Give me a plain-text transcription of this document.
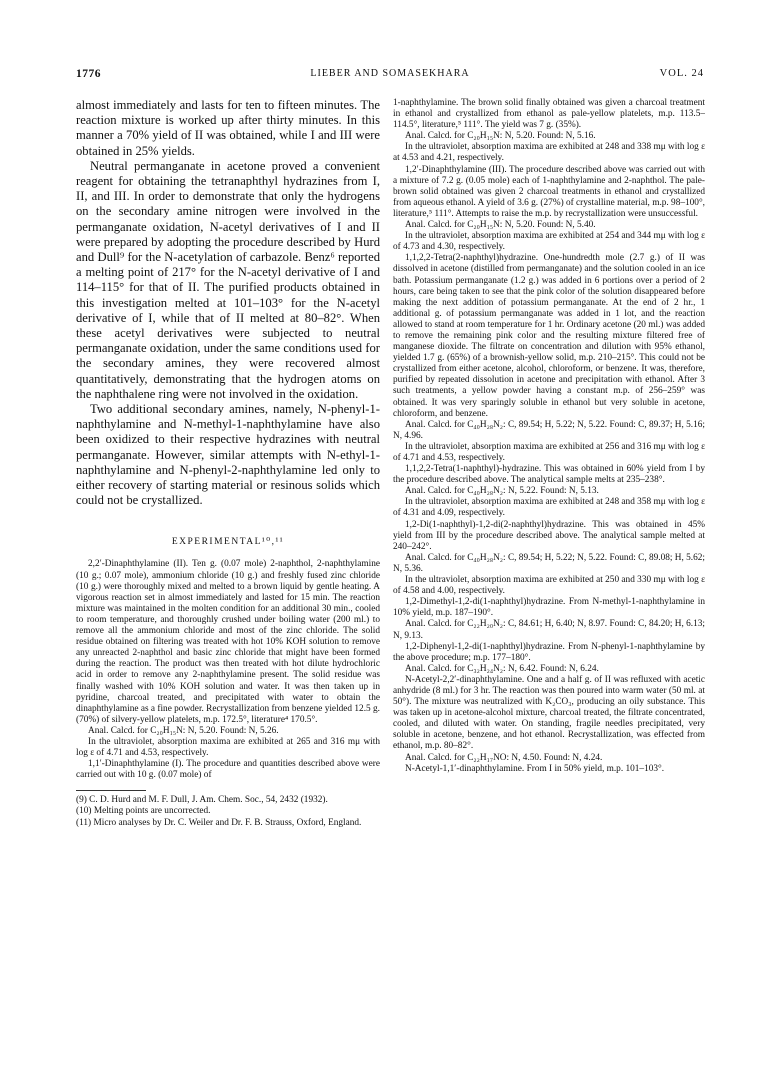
1776	LIEBER AND SOMASEKHARA	VOL. 24

almost immediately and lasts for ten to fifteen minutes. The reaction mixture is worked up after thirty minutes. In this manner a 70% yield of II was obtained, while I and III were obtained in 25% yields.

Neutral permanganate in acetone proved a convenient reagent for obtaining the tetranaphthyl hydrazines from I, II, and III. In order to demonstrate that only the hydrogens on the secondary amine nitrogen were involved in the permanganate oxidation, N-acetyl derivatives of I and II were prepared by adopting the procedure described by Hurd and Dull⁹ for the N-acetylation of carbazole. Benz⁶ reported a melting point of 217° for the N-acetyl derivative of I and 114–115° for that of II. The purified products obtained in this investigation melted at 101–103° for the N-acetyl derivative of I, while that of II melted at 80–82°. When these acetyl derivatives were subjected to neutral permanganate oxidation, under the same conditions used for the secondary amines, they were recovered almost quantitatively, demonstrating that the hydrogen atoms on the naphthalene ring were not involved in the oxidation.

Two additional secondary amines, namely, N-phenyl-1-naphthylamine and N-methyl-1-naphthylamine have also been oxidized to their respective hydrazines with neutral permanganate. However, similar attempts with N-ethyl-1-naphthylamine and N-phenyl-2-naphthylamine led only to either recovery of starting material or resinous solids which could not be crystallized.

EXPERIMENTAL¹⁰,¹¹

2,2′-Dinaphthylamine (II). Ten g. (0.07 mole) 2-naphthol, 2-naphthylamine (10 g.; 0.07 mole), ammonium chloride (10 g.) and freshly fused zinc chloride (10 g.) were thoroughly mixed and melted to a brown liquid by gentle heating. A vigorous reaction set in almost immediately and lasted for 15 min. The reaction mixture was maintained in the molten condition for an additional 30 min., cooled to room temperature, and thoroughly crushed under boiling water (200 ml.) to remove all the ammonium chloride and most of the zinc chloride. The solid residue obtained on filtering was treated with hot 10% KOH solution to remove any unreacted 2-naphthol and basic zinc chloride that might have been formed during the reaction. The product was then treated with hot dilute hydrochloric acid in order to remove any 2-naphthylamine present. The solid residue was finally washed with 10% KOH solution and water. It was then taken up in pyridine, charcoal treated, and precipitated with water to obtain the dinaphthylamine as a fine powder. Recrystallization from benzene yielded 12.5 g. (70%) of silvery-yellow platelets, m.p. 172.5°, literature⁴ 170.5°.

Anal. Calcd. for C₂₀H₁₅N: N, 5.20. Found: N, 5.26.

In the ultraviolet, absorption maxima are exhibited at 265 and 316 mμ with log ε of 4.71 and 4.53, respectively.

1,1′-Dinaphthylamine (I). The procedure and quantities described above were carried out with 10 g. (0.07 mole) of

(9) C. D. Hurd and M. F. Dull, J. Am. Chem. Soc., 54, 2432 (1932).

(10) Melting points are uncorrected.

(11) Micro analyses by Dr. C. Weiler and Dr. F. B. Strauss, Oxford, England.

1-naphthylamine. The brown solid finally obtained was given a charcoal treatment in ethanol and crystallized from ethanol as pale-yellow platelets, m.p. 113.5–114.5°, literature,⁵ 111°. The yield was 7 g. (35%).

Anal. Calcd. for C₂₀H₁₅N: N, 5.20. Found: N, 5.16.

In the ultraviolet, absorption maxima are exhibited at 248 and 338 mμ with log ε at 4.53 and 4.21, respectively.

1,2′-Dinaphthylamine (III). The procedure described above was carried out with a mixture of 7.2 g. (0.05 mole) each of 1-naphthylamine and 2-naphthol. The pale-brown solid obtained was given 2 charcoal treatments in ethanol and crystallized from aqueous ethanol. A yield of 3.6 g. (27%) of crystalline material, m.p. 98–100°, literature,⁵ 111°. Attempts to raise the m.p. by recrystallization were unsuccessful.

Anal. Calcd. for C₂₀H₁₅N: N, 5.20. Found: N, 5.40.

In the ultraviolet, absorption maxima are exhibited at 254 and 344 mμ with log ε of 4.73 and 4.30, respectively.

1,1,2,2-Tetra(2-naphthyl)hydrazine. One-hundredth mole (2.7 g.) of II was dissolved in acetone (distilled from permanganate) and the solution cooled in an ice bath. Potassium permanganate (1.2 g.) was added in 6 portions over a period of 2 hours, care being taken to see that the pink color of the solution disappeared before making the next addition of potassium permanganate. At the end of 2 hr., 1 additional g. of potassium permanganate was added in 1 lot, and the reaction allowed to stand at room temperature for 1 hr. Ordinary acetone (20 ml.) was added to remove the remaining pink color and the resulting mixture filtered free of manganese dioxide. The filtrate on concentration and dilution with 95% ethanol, yielded 1.7 g. (65%) of a brownish-yellow solid, m.p. 210–215°. This could not be crystallized from either acetone, alcohol, chloroform, or benzene. It was, therefore, purified by repeated dissolution in acetone and precipitation with ethanol. After 3 such treatments, a yellow powder having a constant m.p. of 256–259° was obtained. It was very sparingly soluble in ethanol but very soluble in acetone, chloroform, and benzene.

Anal. Calcd. for C₄₀H₂₈N₂: C, 89.54; H, 5.22; N, 5.22. Found: C, 89.37; H, 5.16; N, 4.96.

In the ultraviolet, absorption maxima are exhibited at 256 and 316 mμ with log ε of 4.71 and 4.53, respectively.

1,1,2,2-Tetra(1-naphthyl)-hydrazine. This was obtained in 60% yield from I by the procedure described above. The analytical sample melts at 235–238°.

Anal. Calcd. for C₄₀H₂₈N₂: N, 5.22. Found: N, 5.13.

In the ultraviolet, absorption maxima are exhibited at 248 and 358 mμ with log ε of 4.31 and 4.09, respectively.

1,2-Di(1-naphthyl)-1,2-di(2-naphthyl)hydrazine. This was obtained in 45% yield from III by the procedure described above. The analytical sample melted at 240–242°.

Anal. Calcd. for C₄₀H₂₈N₂: C, 89.54; H, 5.22; N, 5.22. Found: C, 89.08; H, 5.62; N, 5.36.

In the ultraviolet, absorption maxima are exhibited at 250 and 330 mμ with log ε of 4.58 and 4.00, respectively.

1,2-Dimethyl-1,2-di(1-naphthyl)hydrazine. From N-methyl-1-naphthylamine in 10% yield, m.p. 187–190°.

Anal. Calcd. for C₂₂H₂₀N₂: C, 84.61; H, 6.40; N, 8.97. Found: C, 84.20; H, 6.13; N, 9.13.

1,2-Diphenyl-1,2-di(1-naphthyl)hydrazine. From N-phenyl-1-naphthylamine by the above procedure; m.p. 177–180°.

Anal. Calcd. for C₃₂H₂₄N₂: N, 6.42. Found: N, 6.24.

N-Acetyl-2,2′-dinaphthylamine. One and a half g. of II was refluxed with acetic anhydride (8 ml.) for 3 hr. The reaction was then poured into warm water (50 ml. at 50°). The mixture was neutralized with K₂CO₃, producing an oily substance. This was taken up in acetone-alcohol mixture, charcoal treated, the filtrate concentrated, cooled, and diluted with water. On standing, fragile needles precipitated, very soluble in acetone, benzene, and hot ethanol. Recrystallization, was effected from ethanol, m.p. 80–82°.

Anal. Calcd. for C₂₂H₁₇NO: N, 4.50. Found: N, 4.24.

N-Acetyl-1,1′-dinaphthylamine. From I in 50% yield, m.p. 101–103°.
